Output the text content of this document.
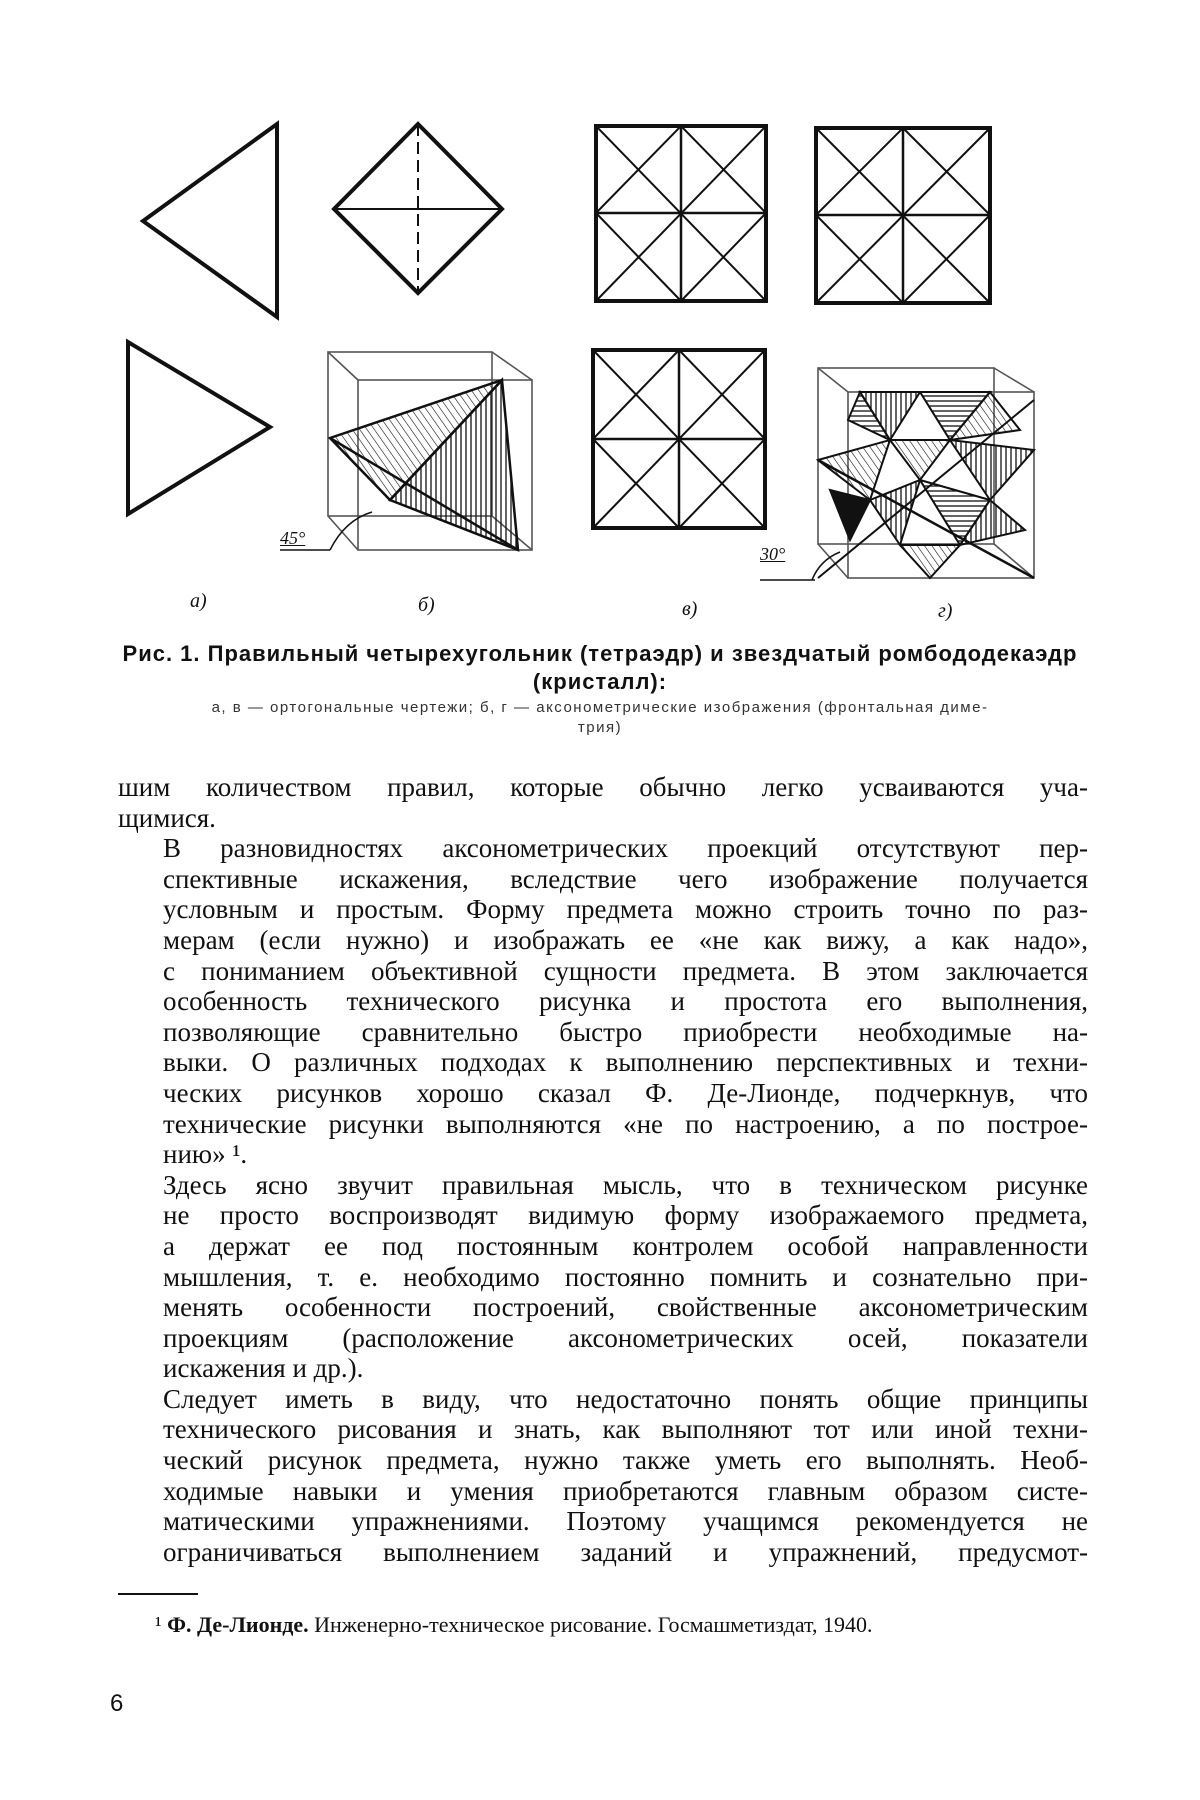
45°
30°
а)	б)	в)	г)
Рис. 1. Правильный четырехугольник (тетраэдр) и звездчатый ромбододекаэдр
(кристалл):
а, в — ортогональные чертежи; б, г — аксонометрические изображения (фронтальная диме-
трия)

шим количеством правил, которые обычно легко усваиваются уча-
щимися.

В разновидностях аксонометрических проекций отсутствуют пер-
спективные искажения, вследствие чего изображение получается
условным и простым. Форму предмета можно строить точно по раз-
мерам (если нужно) и изображать ее «не как вижу, а как надо»,
с пониманием объективной сущности предмета. В этом заключается
особенность технического рисунка и простота его выполнения,
позволяющие сравнительно быстро приобрести необходимые на-
выки. О различных подходах к выполнению перспективных и техни-
ческих рисунков хорошо сказал Ф. Де-Лионде, подчеркнув, что
технические рисунки выполняются «не по настроению, а по построе-
нию» ¹.

Здесь ясно звучит правильная мысль, что в техническом рисунке
не просто воспроизводят видимую форму изображаемого предмета,
а держат ее под постоянным контролем особой направленности
мышления, т. е. необходимо постоянно помнить и сознательно при-
менять особенности построений, свойственные аксонометрическим
проекциям (расположение аксонометрических осей, показатели
искажения и др.).

Следует иметь в виду, что недостаточно понять общие принципы
технического рисования и знать, как выполняют тот или иной техни-
ческий рисунок предмета, нужно также уметь его выполнять. Необ-
ходимые навыки и умения приобретаются главным образом систе-
матическими упражнениями. Поэтому учащимся рекомендуется не
ограничиваться выполнением заданий и упражнений, предусмот-

¹ Ф. Де-Лионде. Инженерно-техническое рисование. Госмашметиздат, 1940.
6
